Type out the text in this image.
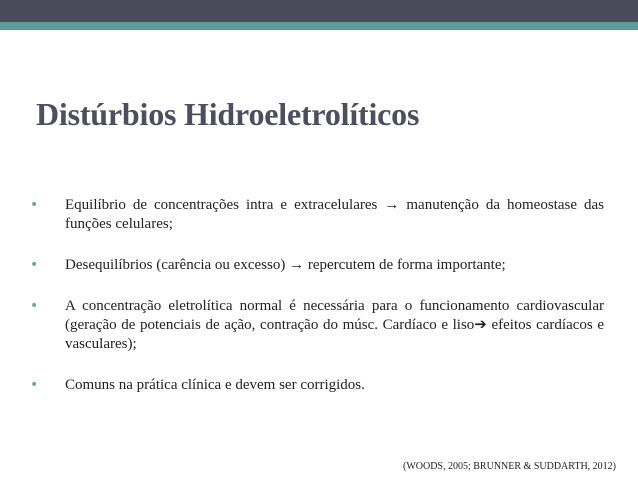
Distúrbios Hidroeletrolíticos
• Equilíbrio de concentrações intra e extracelulares → manutenção da homeostase das funções celulares;
• Desequilíbrios (carência ou excesso) → repercutem de forma importante;
• A concentração eletrolítica normal é necessária para o funcionamento cardiovascular (geração de potenciais de ação, contração do músc. Cardíaco e liso➔ efeitos cardíacos e vasculares);
• Comuns na prática clínica e devem ser corrigidos.
(WOODS, 2005; BRUNNER & SUDDARTH, 2012)
